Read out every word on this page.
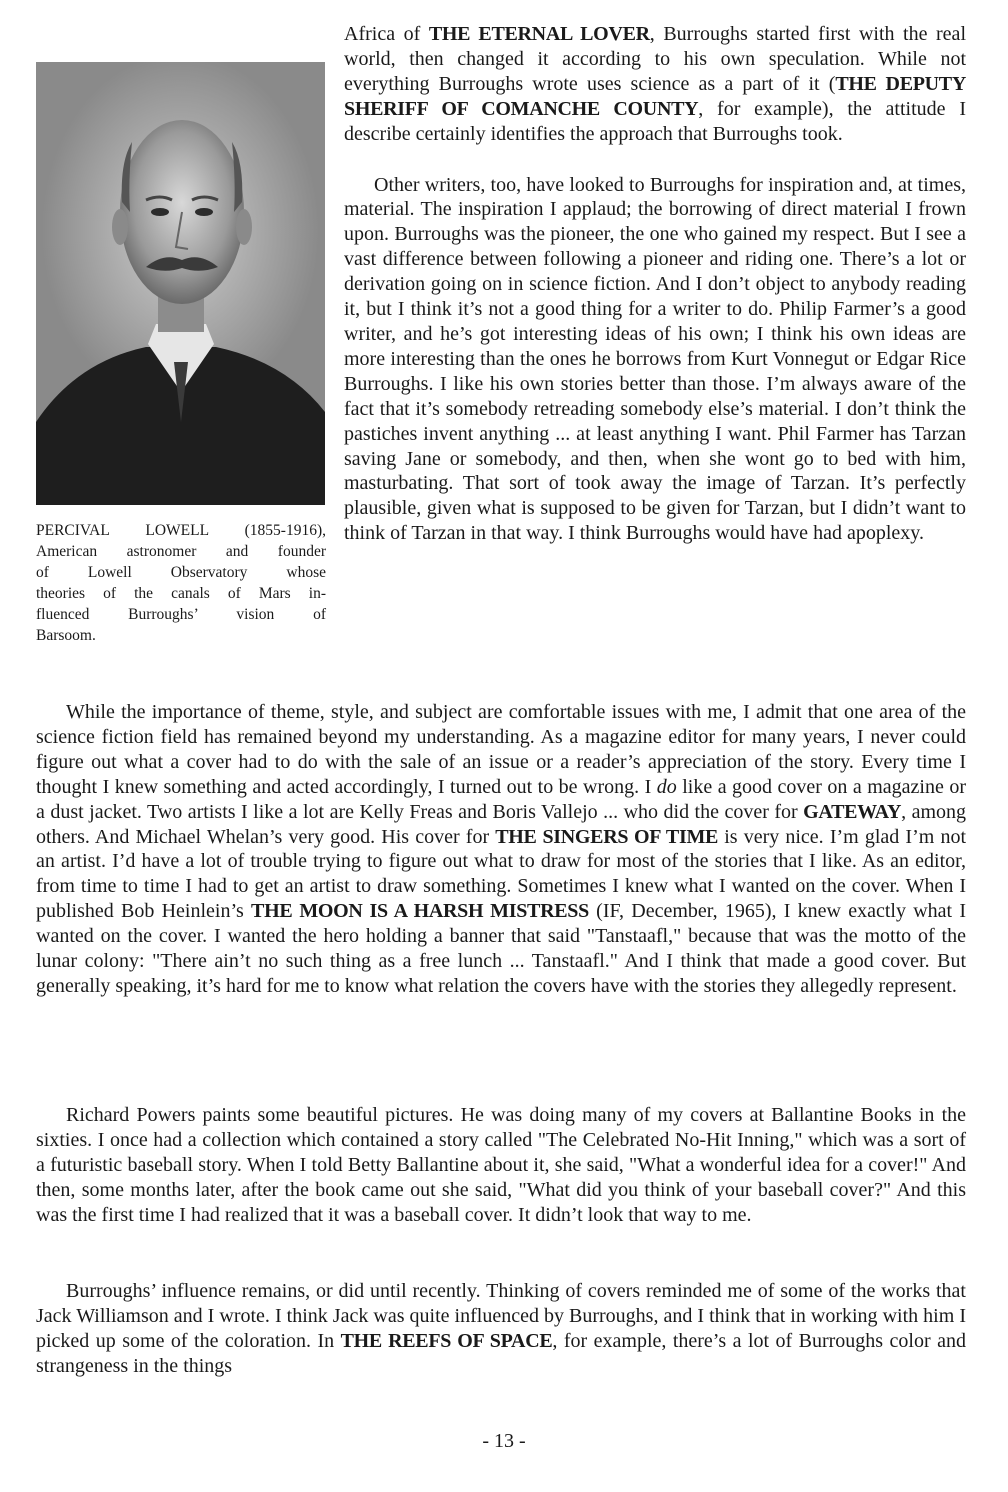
PERCIVAL LOWELL (1855-1916),
American astronomer and founder
of Lowell Observatory whose
theories of the canals of Mars in-
fluenced Burroughs’ vision of
Barsoom.

Africa of THE ETERNAL LOVER, Burroughs started first with the real world, then changed it according to his own speculation. While not everything Burroughs wrote uses science as a part of it (THE DEPUTY SHERIFF OF COMANCHE COUNTY, for example), the attitude I describe certainly identifies the approach that Burroughs took.

Other writers, too, have looked to Burroughs for inspiration and, at times, material. The inspiration I applaud; the borrowing of direct material I frown upon. Burroughs was the pioneer, the one who gained my respect. But I see a vast difference between following a pioneer and riding one. There’s a lot or derivation going on in science fiction. And I don’t object to anybody reading it, but I think it’s not a good thing for a writer to do. Philip Farmer’s a good writer, and he’s got interesting ideas of his own; I think his own ideas are more interesting than the ones he borrows from Kurt Vonnegut or Edgar Rice Burroughs. I like his own stories better than those. I’m always aware of the fact that it’s somebody retreading somebody else’s material. I don’t think the pastiches invent anything ... at least anything I want. Phil Farmer has Tarzan saving Jane or somebody, and then, when she wont go to bed with him, masturbating. That sort of took away the image of Tarzan. It’s perfectly plausible, given what is supposed to be given for Tarzan, but I didn’t want to think of Tarzan in that way. I think Burroughs would have had apoplexy.

While the importance of theme, style, and subject are comfortable issues with me, I admit that one area of the science fiction field has remained beyond my understanding. As a magazine editor for many years, I never could figure out what a cover had to do with the sale of an issue or a reader’s appreciation of the story. Every time I thought I knew something and acted accordingly, I turned out to be wrong. I do like a good cover on a magazine or a dust jacket. Two artists I like a lot are Kelly Freas and Boris Vallejo ... who did the cover for GATEWAY, among others. And Michael Whelan’s very good. His cover for THE SINGERS OF TIME is very nice. I’m glad I’m not an artist. I’d have a lot of trouble trying to figure out what to draw for most of the stories that I like. As an editor, from time to time I had to get an artist to draw something. Sometimes I knew what I wanted on the cover. When I published Bob Heinlein’s THE MOON IS A HARSH MISTRESS (IF, December, 1965), I knew exactly what I wanted on the cover. I wanted the hero holding a banner that said "Tanstaafl," because that was the motto of the lunar colony: "There ain’t no such thing as a free lunch ... Tanstaafl." And I think that made a good cover. But generally speaking, it’s hard for me to know what relation the covers have with the stories they allegedly represent.

Richard Powers paints some beautiful pictures. He was doing many of my covers at Ballantine Books in the sixties. I once had a collection which contained a story called "The Celebrated No-Hit Inning," which was a sort of a futuristic baseball story. When I told Betty Ballantine about it, she said, "What a wonderful idea for a cover!" And then, some months later, after the book came out she said, "What did you think of your baseball cover?" And this was the first time I had realized that it was a baseball cover. It didn’t look that way to me.

Burroughs’ influence remains, or did until recently. Thinking of covers reminded me of some of the works that Jack Williamson and I wrote. I think Jack was quite influenced by Burroughs, and I think that in working with him I picked up some of the coloration. In THE REEFS OF SPACE, for example, there’s a lot of Burroughs color and strangeness in the things

- 13 -
